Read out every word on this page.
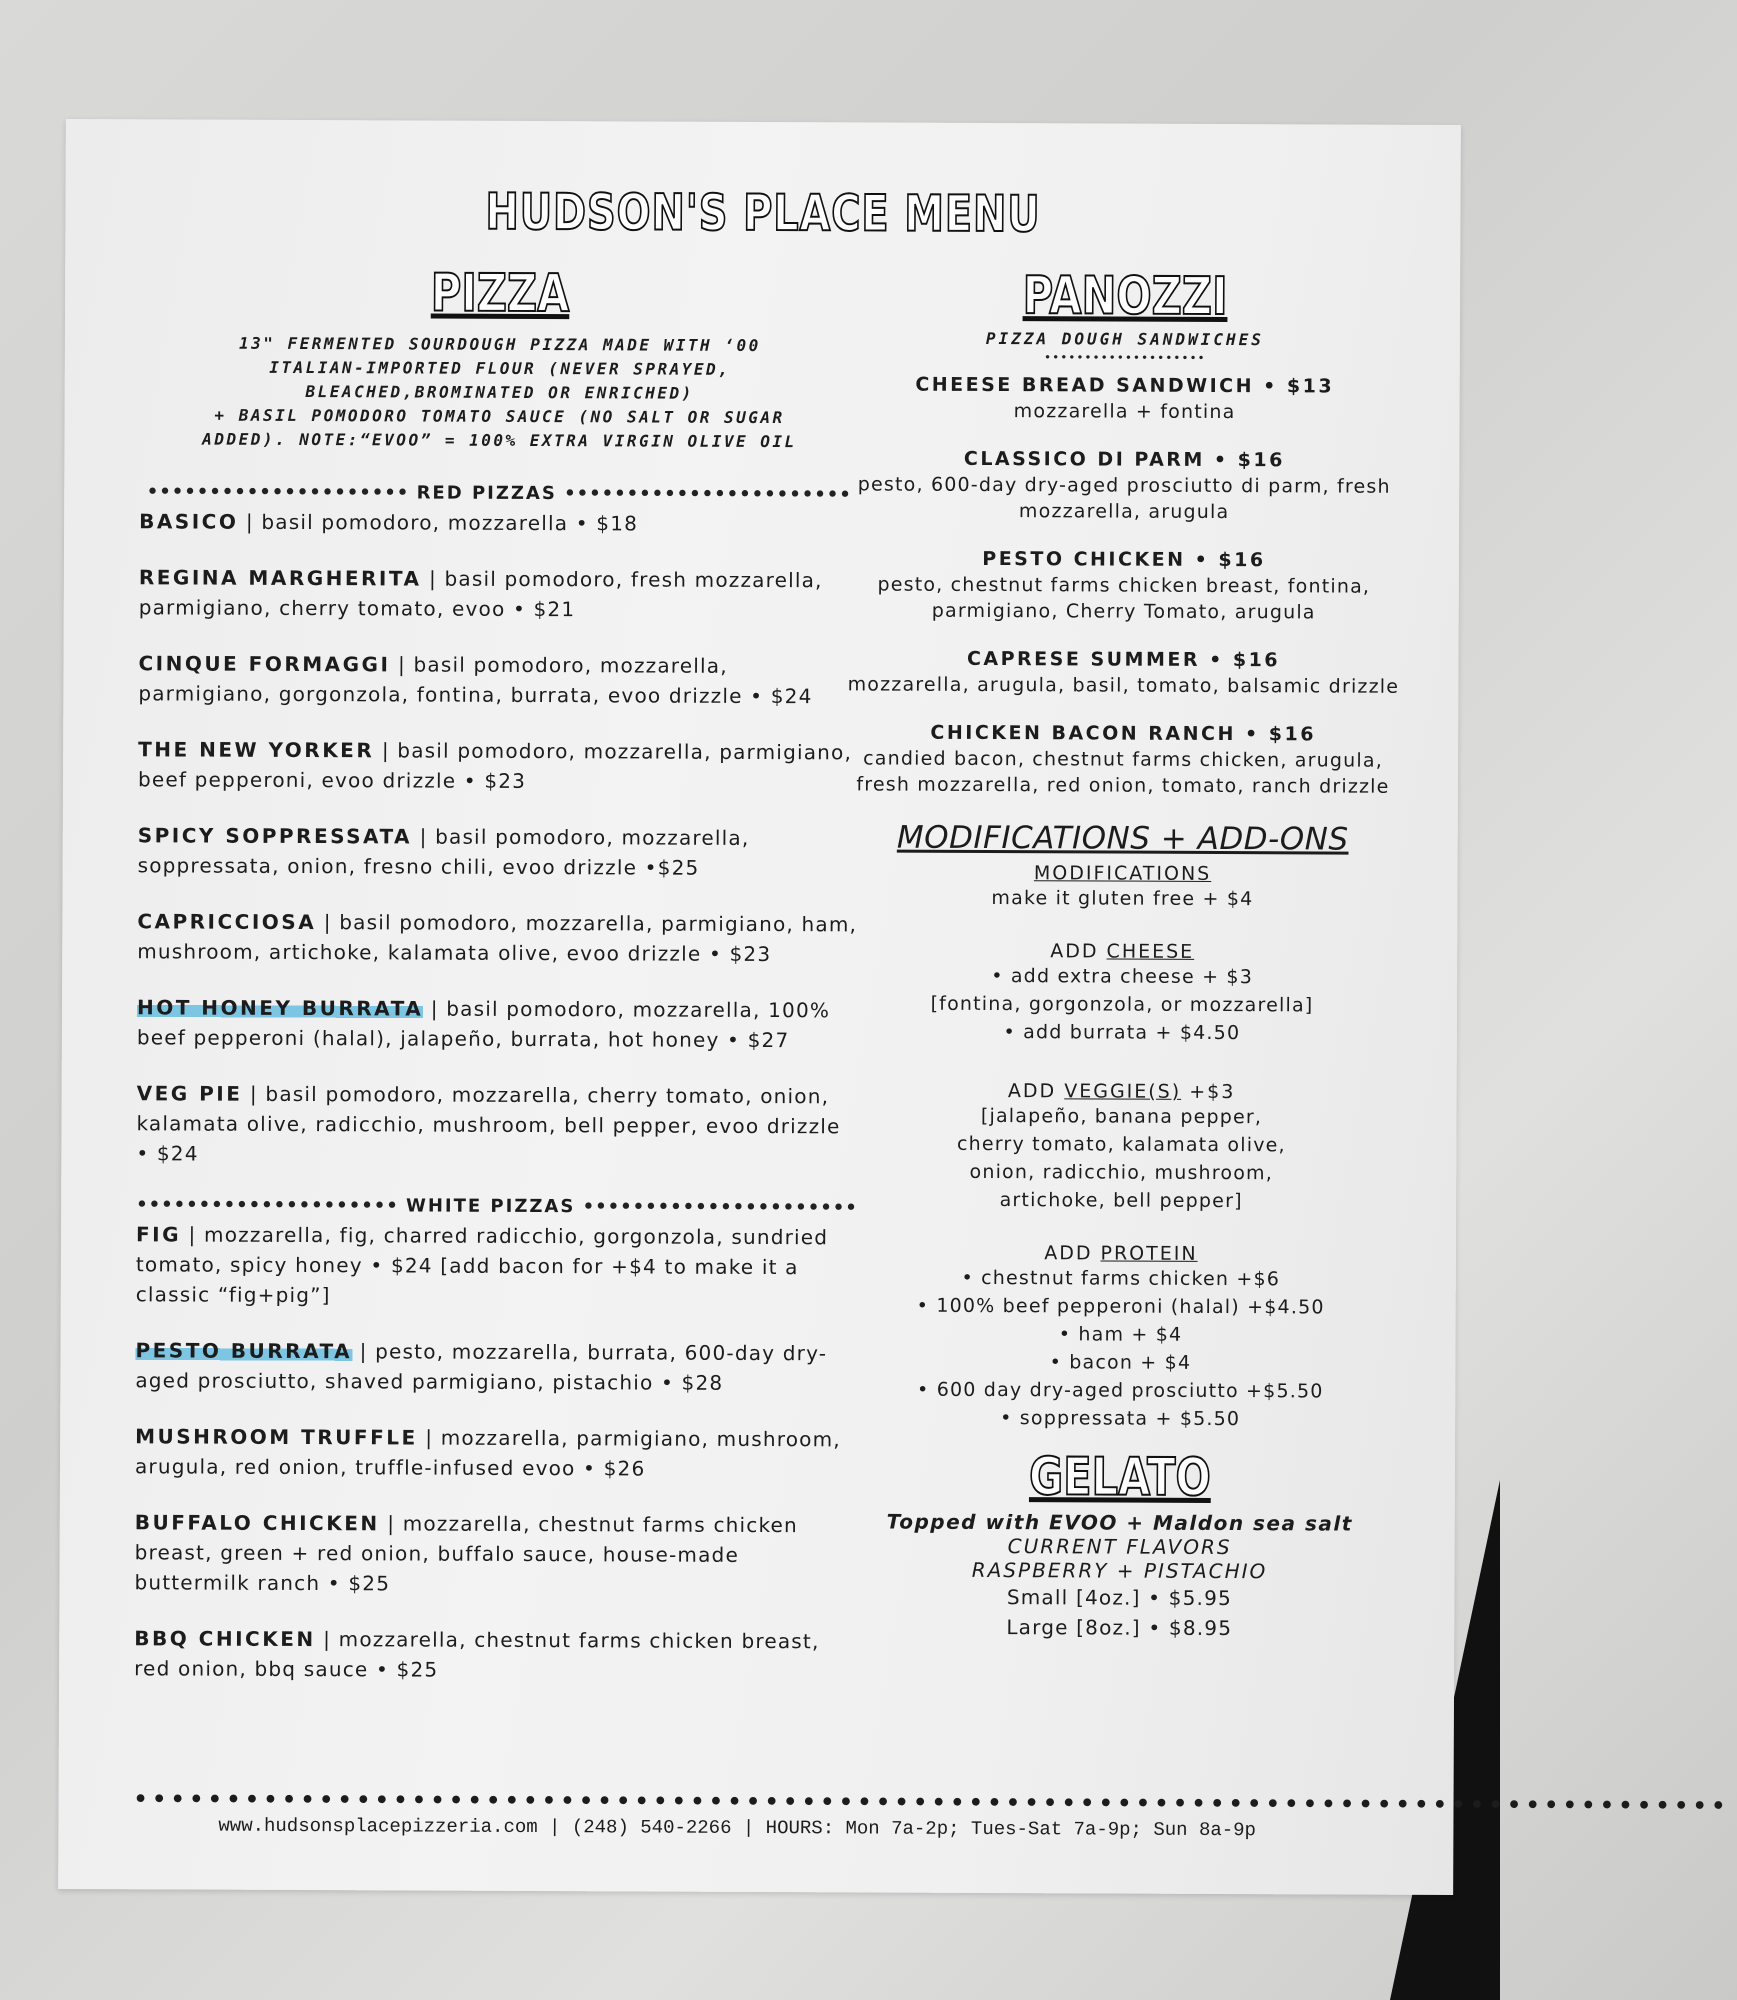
HUDSON'S PLACE MENU
PIZZA
13" FERMENTED SOURDOUGH PIZZA MADE WITH ‘00
ITALIAN-IMPORTED FLOUR (NEVER SPRAYED,
BLEACHED,BROMINATED OR ENRICHED)
+ BASIL POMODORO TOMATO SAUCE (NO SALT OR SUGAR
ADDED). NOTE:“EVOO” = 100% EXTRA VIRGIN OLIVE OIL
••••••••••••••••••••• RED PIZZAS •••••••••••••••••••••••
BASICO | basil pomodoro, mozzarella • $18
REGINA MARGHERITA | basil pomodoro, fresh mozzarella, parmigiano, cherry tomato, evoo • $21
CINQUE FORMAGGI | basil pomodoro, mozzarella, parmigiano, gorgonzola, fontina, burrata, evoo drizzle • $24
THE NEW YORKER | basil pomodoro, mozzarella, parmigiano, beef pepperoni, evoo drizzle • $23
SPICY SOPPRESSATA | basil pomodoro, mozzarella, soppressata, onion, fresno chili, evoo drizzle •$25
CAPRICCIOSA | basil pomodoro, mozzarella, parmigiano, ham, mushroom, artichoke, kalamata olive, evoo drizzle • $23
HOT HONEY BURRATA | basil pomodoro, mozzarella, 100% beef pepperoni (halal), jalapeño, burrata, hot honey • $27
VEG PIE | basil pomodoro, mozzarella, cherry tomato, onion, kalamata olive, radicchio, mushroom, bell pepper, evoo drizzle • $24
••••••••••••••••••••• WHITE PIZZAS ••••••••••••••••••••••
FIG | mozzarella, fig, charred radicchio, gorgonzola, sundried tomato, spicy honey • $24 [add bacon for +$4 to make it a classic “fig+pig”]
PESTO BURRATA | pesto, mozzarella, burrata, 600-day dry-aged prosciutto, shaved parmigiano, pistachio • $28
MUSHROOM TRUFFLE | mozzarella, parmigiano, mushroom, arugula, red onion, truffle-infused evoo • $26
BUFFALO CHICKEN | mozzarella, chestnut farms chicken breast, green + red onion, buffalo sauce, house-made buttermilk ranch • $25
BBQ CHICKEN | mozzarella, chestnut farms chicken breast, red onion, bbq sauce • $25
PANOZZI
PIZZA DOUGH SANDWICHES
••••••••••••••••••••
CHEESE BREAD SANDWICH • $13
mozzarella + fontina
CLASSICO DI PARM • $16
pesto, 600-day dry-aged prosciutto di parm, fresh mozzarella, arugula
PESTO CHICKEN • $16
pesto, chestnut farms chicken breast, fontina, parmigiano, Cherry Tomato, arugula
CAPRESE SUMMER • $16
mozzarella, arugula, basil, tomato, balsamic drizzle
CHICKEN BACON RANCH • $16
candied bacon, chestnut farms chicken, arugula, fresh mozzarella, red onion, tomato, ranch drizzle
MODIFICATIONS + ADD-ONS
MODIFICATIONS
make it gluten free + $4
ADD CHEESE
• add extra cheese + $3
[fontina, gorgonzola, or mozzarella]
• add burrata + $4.50
ADD VEGGIE(S) +$3
[jalapeño, banana pepper,
cherry tomato, kalamata olive,
onion, radicchio, mushroom,
artichoke, bell pepper]
ADD PROTEIN
• chestnut farms chicken +$6
• 100% beef pepperoni (halal) +$4.50
• ham + $4
• bacon + $4
• 600 day dry-aged prosciutto +$5.50
• soppressata + $5.50
GELATO
Topped with EVOO + Maldon sea salt
CURRENT FLAVORS
RASPBERRY + PISTACHIO
Small [4oz.] • $5.95
Large [8oz.] • $8.95
••••••••••••••••••••••••••••••••••••••••••••••••••••••••••••••••••••••••••••••••••••••
www.hudsonsplacepizzeria.com | (248) 540-2266 | HOURS: Mon 7a-2p; Tues-Sat 7a-9p; Sun 8a-9p
